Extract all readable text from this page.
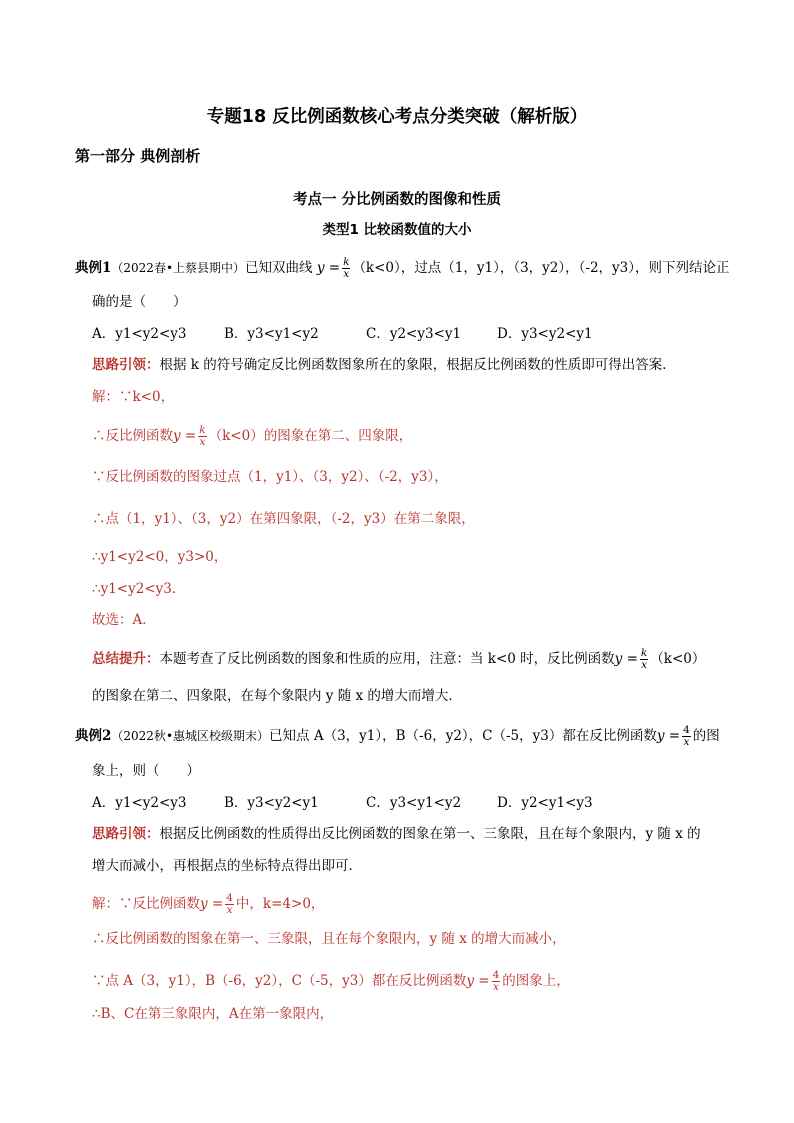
专题18 反比例函数核心考点分类突破（解析版）
第一部分 典例剖析
考点一 分比例函数的图像和性质
类型1 比较函数值的大小
典例1（2022春•上蔡县期中）已知双曲线 $y = \frac{k}{x} (k<0)$，过点（1，y1），（3，y2），（-2，y3），则下列结论正
确的是（　　）
A．y1<y2<y3	B．y3<y1<y2	C．y2<y3<y1	D．y3<y2<y1
思路引领：根据 k 的符号确定反比例函数图象所在的象限，根据反比例函数的性质即可得出答案．
解：∵k<0，
∴反比例函数$y = \frac{k}{x} (k<0)$的图象在第二、四象限，
∵反比例函数的图象过点（1，y1）、（3，y2）、（-2，y3），
∴点（1，y1）、（3，y2）在第四象限，（-2，y3）在第二象限，
∴y1<y2<0，y3>0，
∴y1<y2<y3．
故选：A．
总结提升：本题考查了反比例函数的图象和性质的应用，注意：当 k<0 时，反比例函数$y = \frac{k}{x} (k<0)$
的图象在第二、四象限，在每个象限内 y 随 x 的增大而增大．
典例2（2022秋•惠城区校级期末）已知点 A（3，y1），B（-6，y2），C（-5，y3）都在反比例函数$y = \frac{4}{x}$ 的图
象上，则（　　）
A．y1<y2<y3	B．y3<y2<y1	C．y3<y1<y2	D．y2<y1<y3
思路引领：根据反比例函数的性质得出反比例函数的图象在第一、三象限，且在每个象限内，y 随 x 的
增大而减小，再根据点的坐标特点得出即可．
解：∵反比例函数$y = \frac{4}{x}$ 中，k=4>0，
∴反比例函数的图象在第一、三象限，且在每个象限内，y 随 x 的增大而减小，
∵点 A（3，y1），B（-6，y2），C（-5，y3）都在反比例函数$y = \frac{4}{x}$ 的图象上，
∴B、C在第三象限内，A在第一象限内，
